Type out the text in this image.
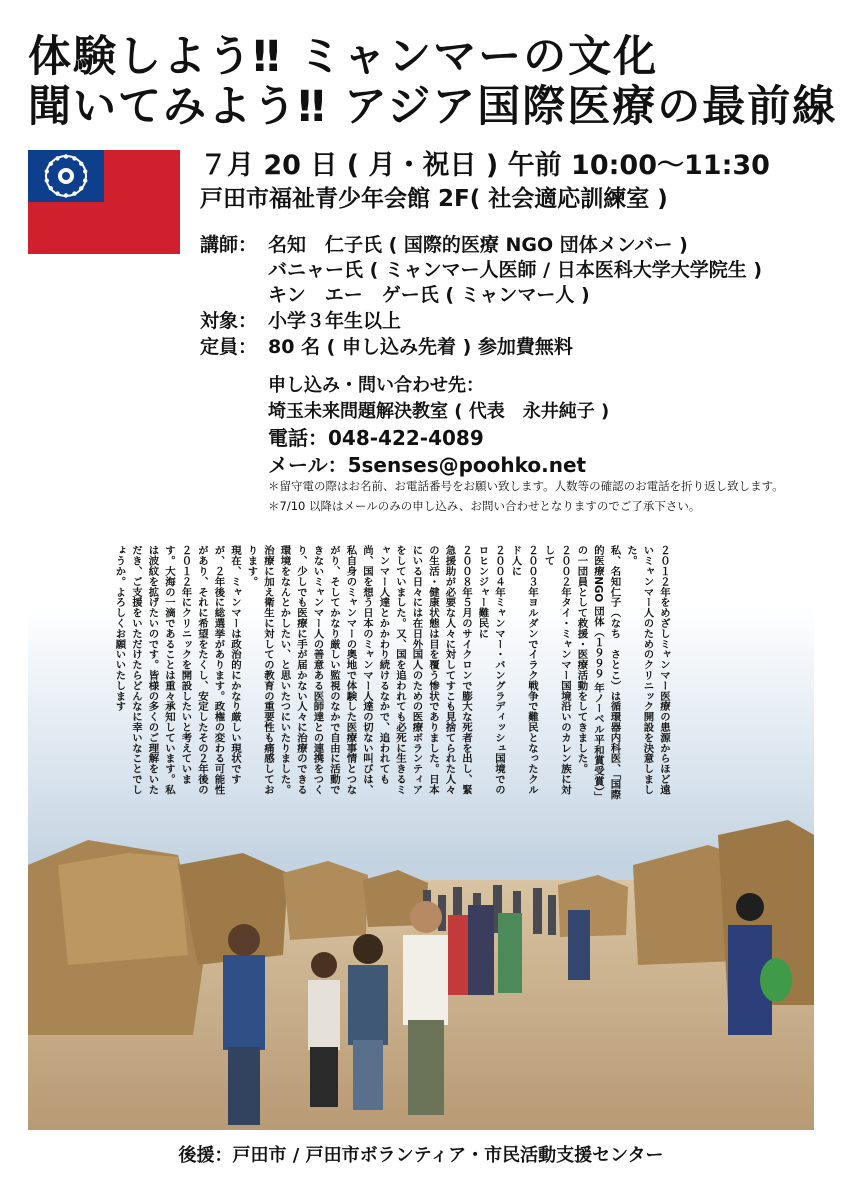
体験しよう‼ ミャンマーの文化
聞いてみよう‼ アジア国際医療の最前線
７月 20 日 ( 月・祝日 ) 午前 10:00〜11:30
戸田市福祉青少年会館 2F( 社会適応訓練室 )
講師： 名知　仁子氏 ( 国際的医療 NGO 団体メンバー )
バニャー氏 ( ミャンマー人医師 / 日本医科大学大学院生 )
キン　エー　ゲー氏 ( ミャンマー人 )
対象： 小学３年生以上
定員： 80 名 ( 申し込み先着 ) 参加費無料
申し込み・問い合わせ先：
埼玉未来問題解決教室 ( 代表　永井純子 )
電話：048-422-4089
メール：5senses@poohko.net
＊留守電の際はお名前、お電話番号をお願い致します。人数等の確認のお電話を折り返し致します。
＊7/10 以降はメールのみの申し込み、お問い合わせとなりますのでご了承下さい。

２０１２年をめざしミャンマー医療の患源からほど遠いミャンマー人のためのクリニック開設を決意しました。

私、名知仁子（なち　さとこ）は循環器内科医、「国際的医療NGO 団体（１９９９ 年ノーベル平和賞受賞）」の一団員として救援・医療活動をしてきました。

２００２年タイ・ミャンマー国境沿いのカレン族に対して

２００３年ヨルダンでイラク戦争で難民となったクルド人に

２００４年ミャンマー・バングラディッシュ国境でのロヒンジャー難民に

２００８年５月のサイクロンで膨大な死者を出し、緊急援助が必要な人々に対してすこも見捨てられた人々の生活・健康状態は目を覆う惨状でありました。日本にいる日々には在日外国人のための医療ボランティアをしていました。又、国を追われても必死に生きるミャンマー人達とかかわり続けるなかで、追われても尚、国を想う日本のミャンマー人達の切ない叫びは、私自身のミャンマーの奥地で体験した医療事情とつながり、そしてかなり厳しい監視のなかで自由に活動できないミャンマー人の善意ある医師達との連携をつくり、少しでも医療に手が届かない人々に治療のできる環境をなんとかしたい、と思いたつにいたりました。治療に加え衛生に対しての教育の重要性も痛感しております。

現在、ミャンマーは政治的にかなり厳しい現状ですが、２年後に総選挙があります。政権の変わる可能性があり、それに希望をたくし、安定したその２年後の２０１２年にクリニックを開設したいと考えています。大海の一滴であることは重々承知しています。私は波紋を拡げたいのです。皆様の多くのご理解をいただき、ご支援をいただけたらどんなに幸いなことでしょうか。よろしくお願いいたします

後援：戸田市 / 戸田市ボランティア・市民活動支援センター
